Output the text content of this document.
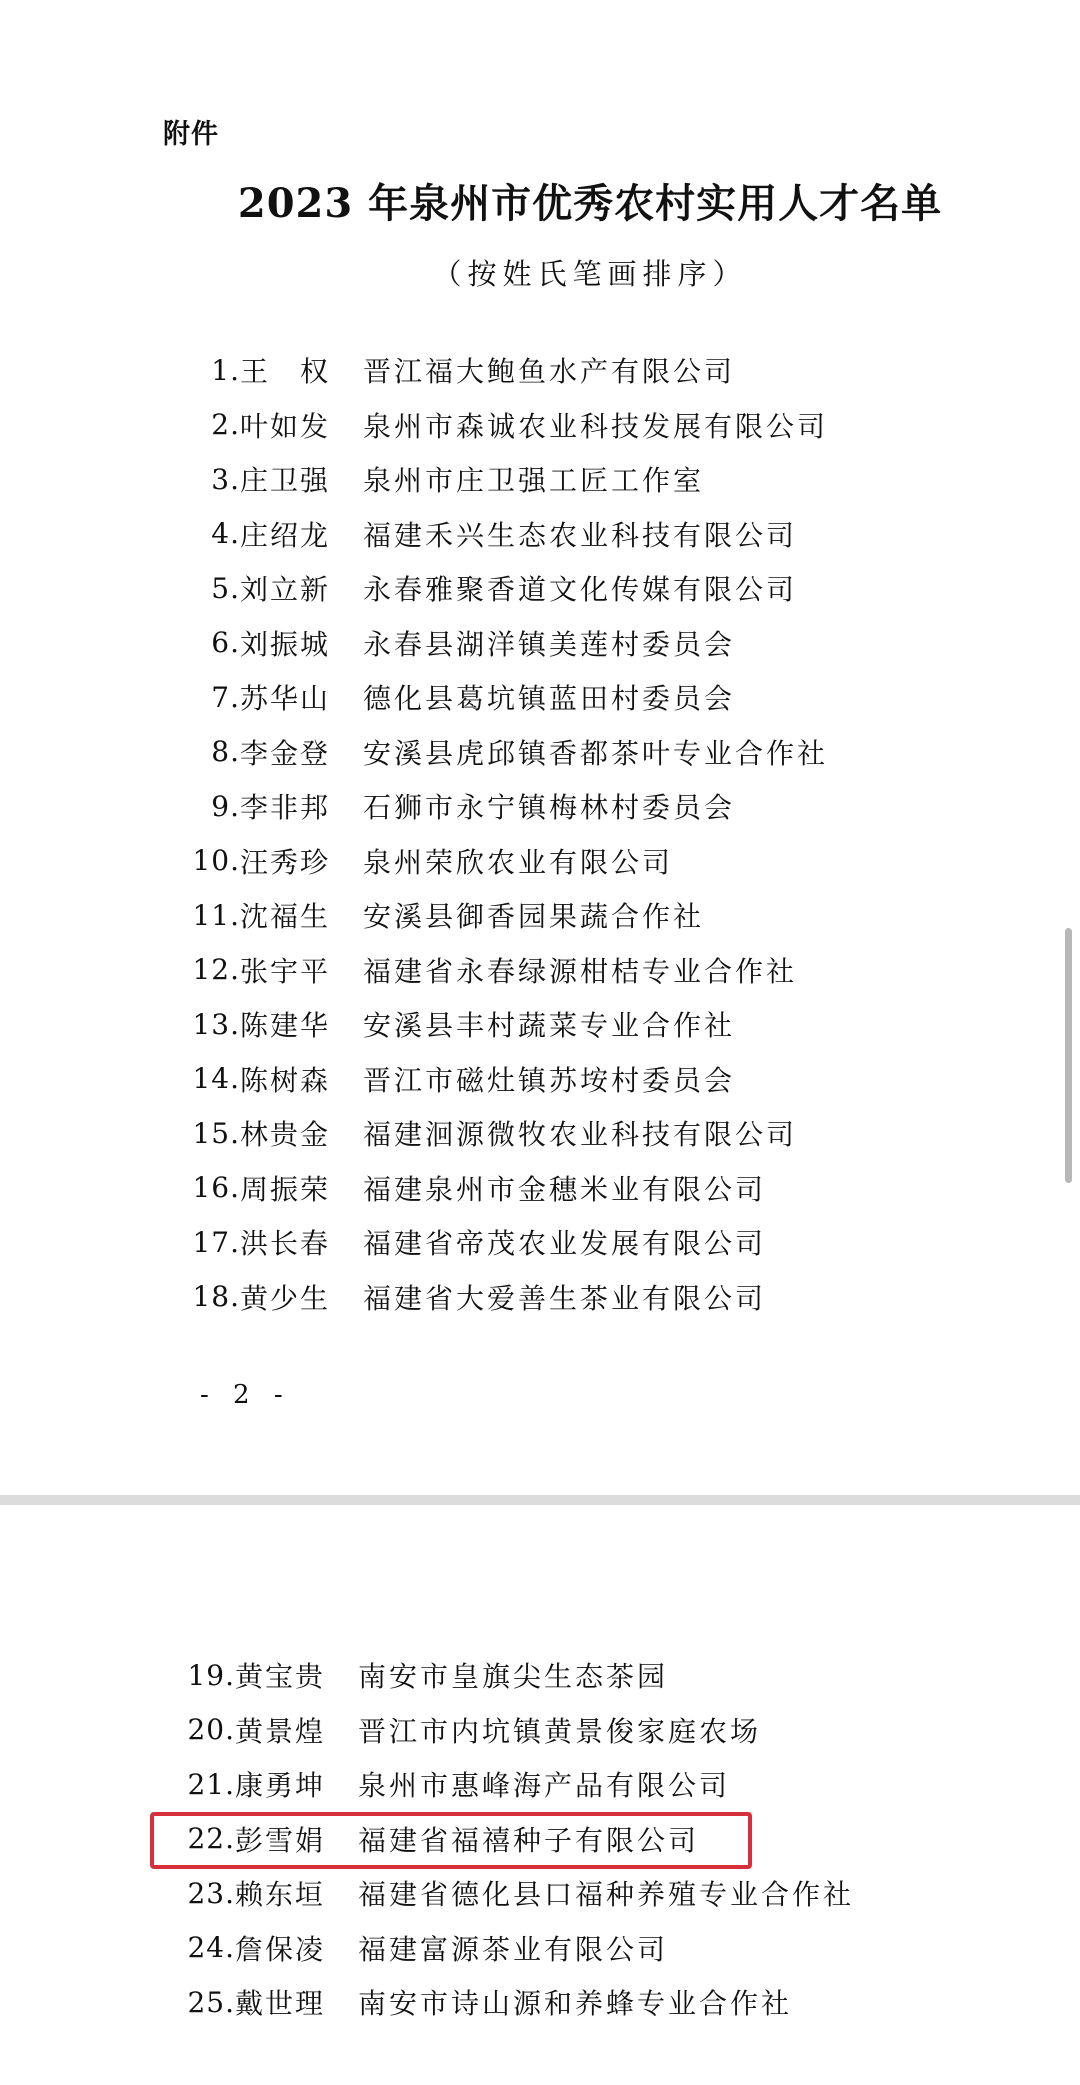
附件
2023 年泉州市优秀农村实用人才名单
（按姓氏笔画排序）
1. 王　权	晋江福大鲍鱼水产有限公司
2. 叶如发	泉州市森诚农业科技发展有限公司
3. 庄卫强	泉州市庄卫强工匠工作室
4. 庄绍龙	福建禾兴生态农业科技有限公司
5. 刘立新	永春雅聚香道文化传媒有限公司
6. 刘振城	永春县湖洋镇美莲村委员会
7. 苏华山	德化县葛坑镇蓝田村委员会
8. 李金登	安溪县虎邱镇香都茶叶专业合作社
9. 李非邦	石狮市永宁镇梅林村委员会
10. 汪秀珍	泉州荣欣农业有限公司
11. 沈福生	安溪县御香园果蔬合作社
12. 张宇平	福建省永春绿源柑桔专业合作社
13. 陈建华	安溪县丰村蔬菜专业合作社
14. 陈树森	晋江市磁灶镇苏垵村委员会
15. 林贵金	福建洄源微牧农业科技有限公司
16. 周振荣	福建泉州市金穗米业有限公司
17. 洪长春	福建省帝茂农业发展有限公司
18. 黄少生	福建省大爱善生茶业有限公司
- 2 -
19. 黄宝贵	南安市皇旗尖生态茶园
20. 黄景煌	晋江市内坑镇黄景俊家庭农场
21. 康勇坤	泉州市惠峰海产品有限公司
22. 彭雪娟	福建省福禧种子有限公司
23. 赖东垣	福建省德化县口福种养殖专业合作社
24. 詹保凌	福建富源茶业有限公司
25. 戴世理	南安市诗山源和养蜂专业合作社
